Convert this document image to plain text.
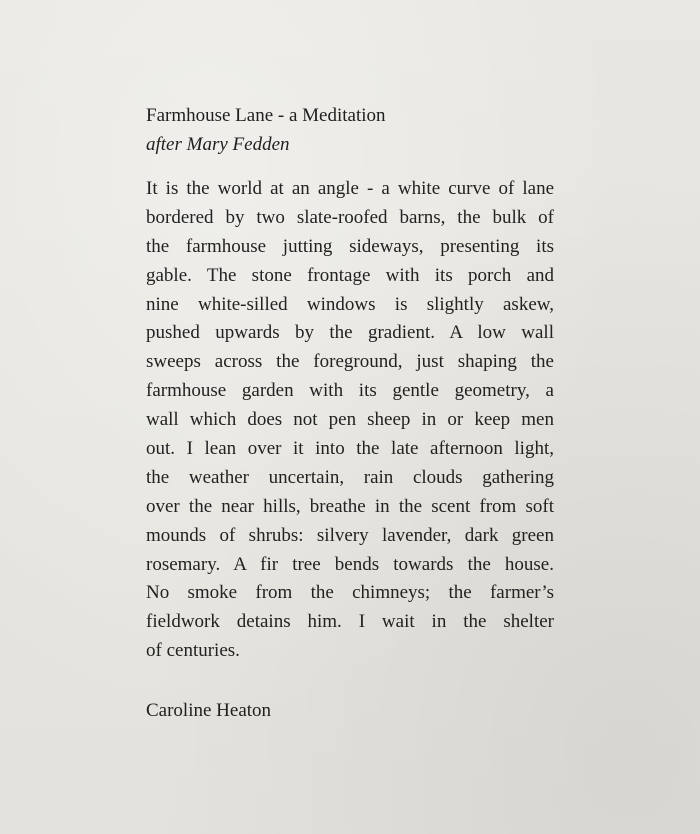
Farmhouse Lane - a Meditation
after Mary Fedden
It is the world at an angle - a white curve of lane
bordered by two slate-roofed barns, the bulk of
the farmhouse jutting sideways, presenting its
gable. The stone frontage with its porch and
nine white-silled windows is slightly askew,
pushed upwards by the gradient. A low wall
sweeps across the foreground, just shaping the
farmhouse garden with its gentle geometry, a
wall which does not pen sheep in or keep men
out. I lean over it into the late afternoon light,
the weather uncertain, rain clouds gathering
over the near hills, breathe in the scent from soft
mounds of shrubs: silvery lavender, dark green
rosemary. A fir tree bends towards the house.
No smoke from the chimneys; the farmer’s
fieldwork detains him. I wait in the shelter
of centuries.
Caroline Heaton
